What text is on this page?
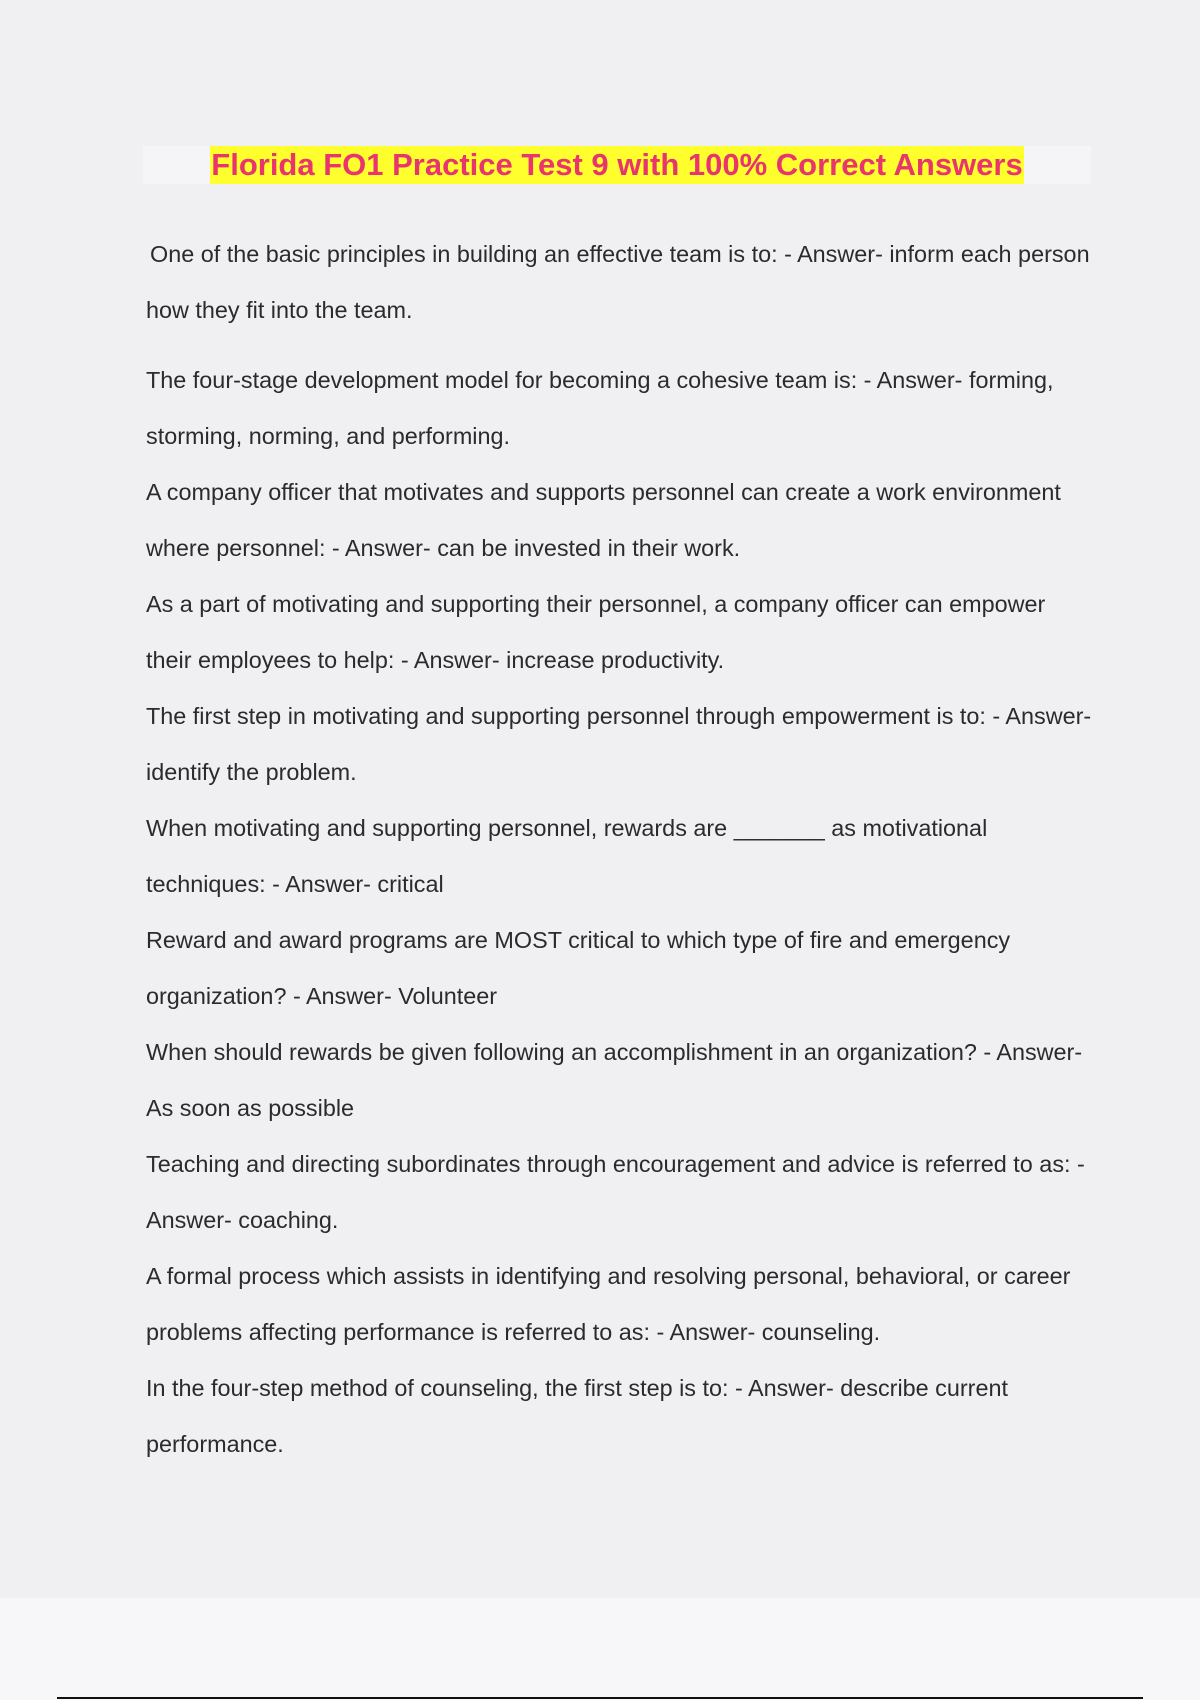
Florida FO1 Practice Test 9 with 100% Correct Answers

One of the basic principles in building an effective team is to: - Answer- inform each person how they fit into the team.

The four-stage development model for becoming a cohesive team is: - Answer- forming, storming, norming, and performing.

A company officer that motivates and supports personnel can create a work environment where personnel: - Answer- can be invested in their work.

As a part of motivating and supporting their personnel, a company officer can empower their employees to help: - Answer- increase productivity.

The first step in motivating and supporting personnel through empowerment is to: - Answer- identify the problem.

When motivating and supporting personnel, rewards are _______ as motivational techniques: - Answer- critical

Reward and award programs are MOST critical to which type of fire and emergency organization? - Answer- Volunteer

When should rewards be given following an accomplishment in an organization? - Answer- As soon as possible

Teaching and directing subordinates through encouragement and advice is referred to as: - Answer- coaching.

A formal process which assists in identifying and resolving personal, behavioral, or career problems affecting performance is referred to as: - Answer- counseling.

In the four-step method of counseling, the first step is to: - Answer- describe current performance.
